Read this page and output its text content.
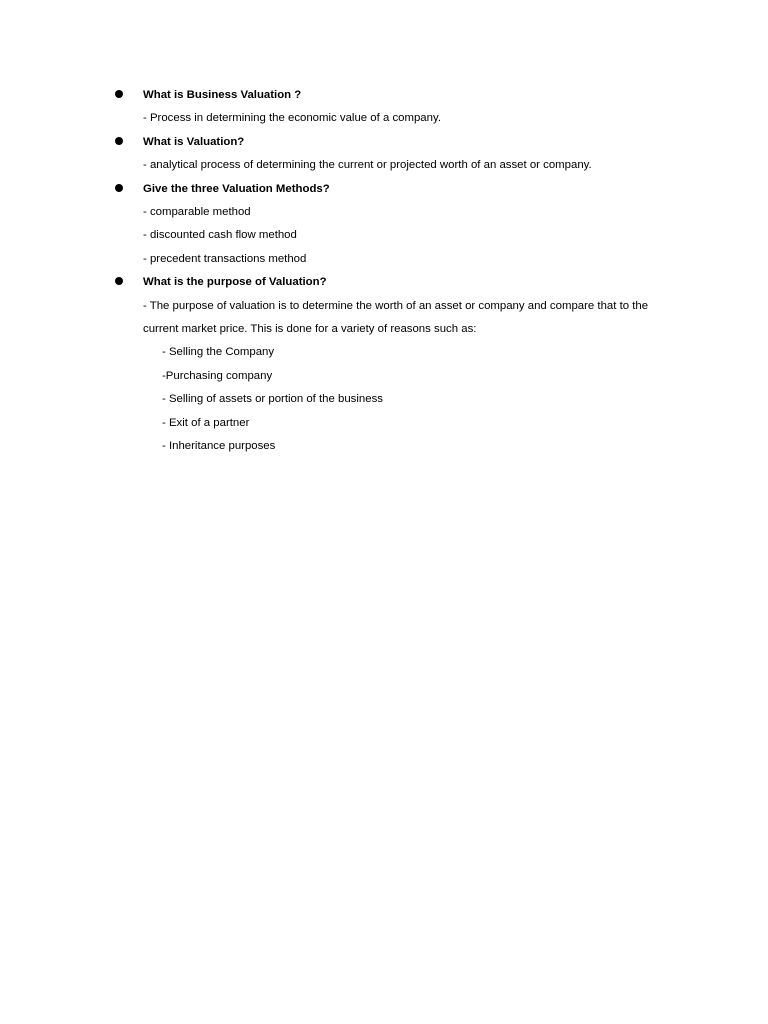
What is Business Valuation ?
- Process in determining the economic value of a company.
What is Valuation?
- analytical process of determining the current or projected worth of an asset or company.
Give the three Valuation Methods?
- comparable method
- discounted cash flow method
- precedent transactions method
What is the purpose of Valuation?
- The purpose of valuation is to determine the worth of an asset or company and compare that to the current market price. This is done for a variety of reasons such as:
- Selling the Company
-Purchasing company
- Selling of assets or portion of the business
- Exit of a partner
- Inheritance purposes
